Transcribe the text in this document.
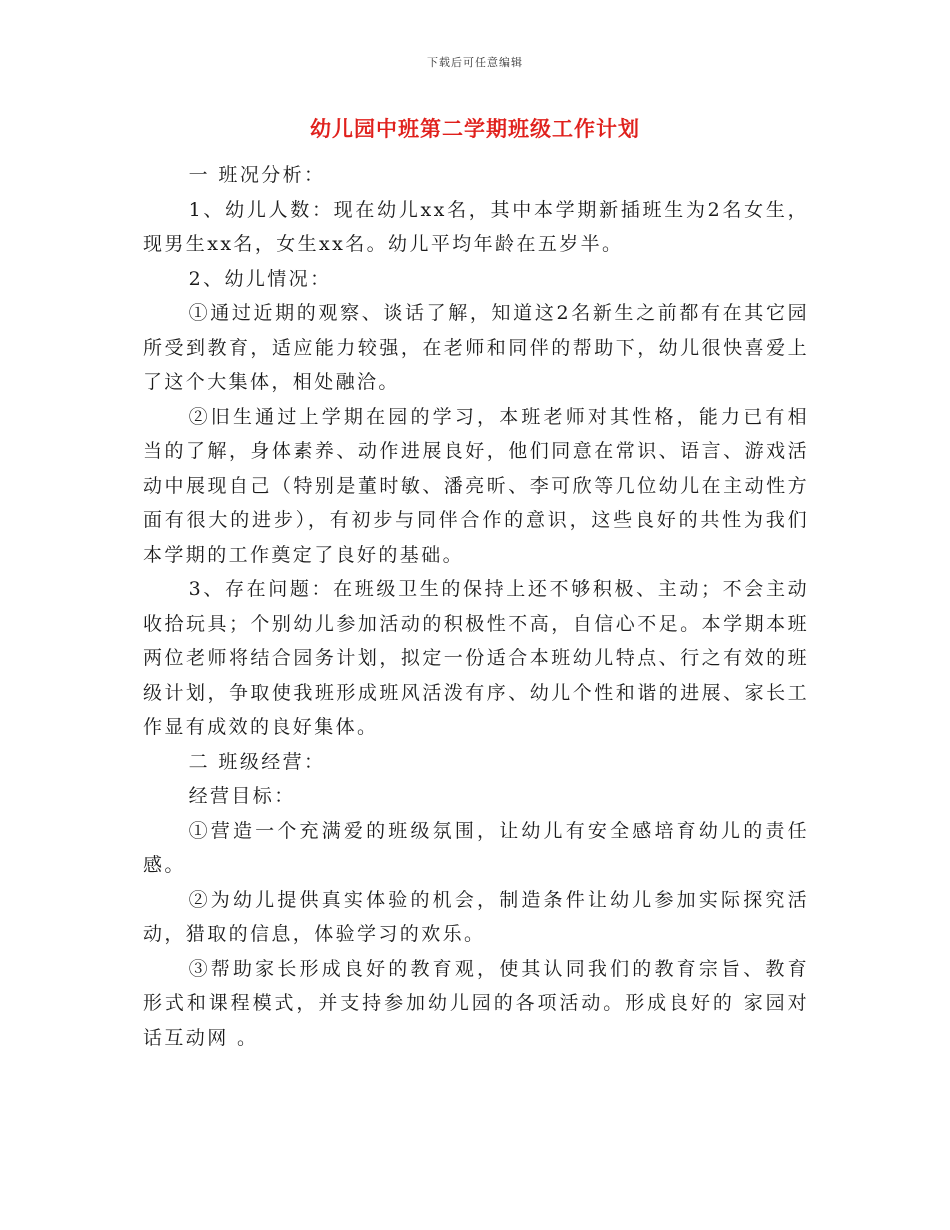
下载后可任意编辑
幼儿园中班第二学期班级工作计划

一 班况分析：

1、幼儿人数：现在幼儿xx名，其中本学期新插班生为2名女生，现男生xx名，女生xx名。幼儿平均年龄在五岁半。

2、幼儿情况：

①通过近期的观察、谈话了解，知道这2名新生之前都有在其它园所受到教育，适应能力较强，在老师和同伴的帮助下，幼儿很快喜爱上了这个大集体，相处融洽。

②旧生通过上学期在园的学习，本班老师对其性格，能力已有相当的了解，身体素养、动作进展良好，他们同意在常识、语言、游戏活动中展现自己（特别是董时敏、潘亮昕、李可欣等几位幼儿在主动性方面有很大的进步），有初步与同伴合作的意识，这些良好的共性为我们本学期的工作奠定了良好的基础。

3、存在问题：在班级卫生的保持上还不够积极、主动；不会主动收拾玩具；个别幼儿参加活动的积极性不高，自信心不足。本学期本班两位老师将结合园务计划，拟定一份适合本班幼儿特点、行之有效的班级计划，争取使我班形成班风活泼有序、幼儿个性和谐的进展、家长工作显有成效的良好集体。

二 班级经营：

经营目标：

①营造一个充满爱的班级氛围，让幼儿有安全感培育幼儿的责任感。

②为幼儿提供真实体验的机会，制造条件让幼儿参加实际探究活动，猎取的信息，体验学习的欢乐。

③帮助家长形成良好的教育观，使其认同我们的教育宗旨、教育形式和课程模式，并支持参加幼儿园的各项活动。形成良好的 家园对话互动网 。
